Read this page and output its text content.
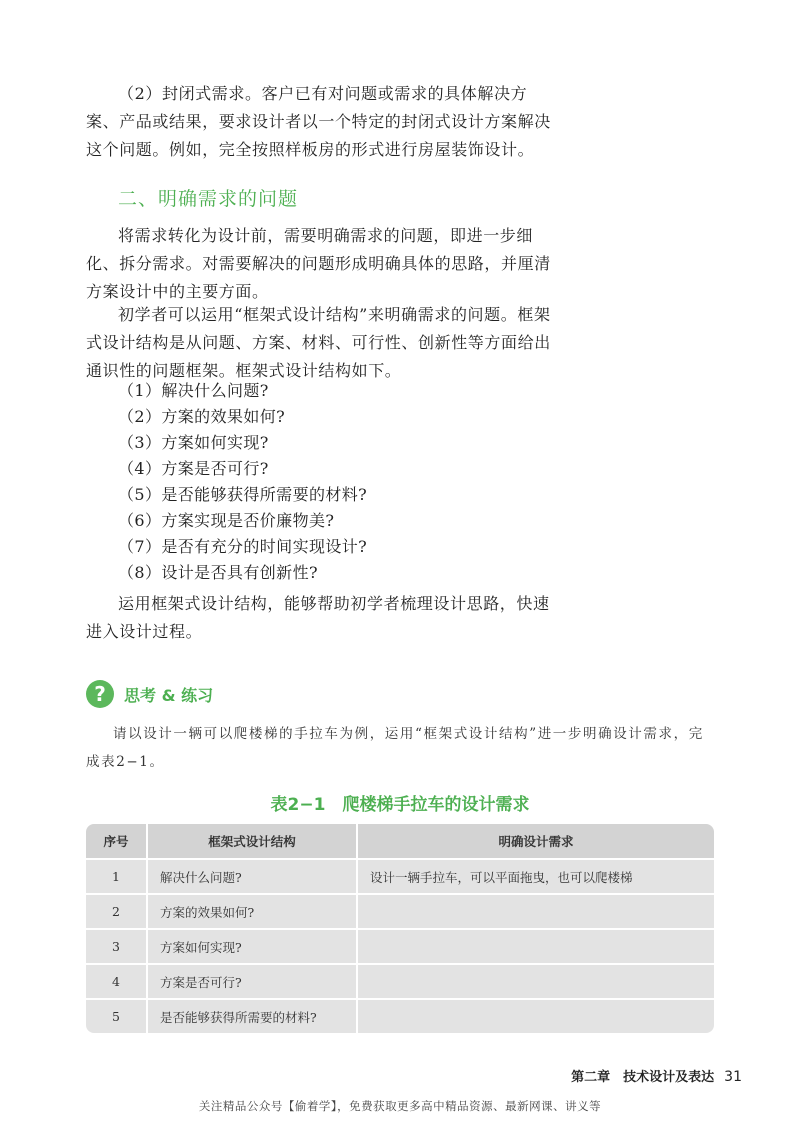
（2）封闭式需求。客户已有对问题或需求的具体解决方案、产品或结果，要求设计者以一个特定的封闭式设计方案解决这个问题。例如，完全按照样板房的形式进行房屋装饰设计。

二、明确需求的问题

将需求转化为设计前，需要明确需求的问题，即进一步细化、拆分需求。对需要解决的问题形成明确具体的思路，并厘清方案设计中的主要方面。

初学者可以运用“框架式设计结构”来明确需求的问题。框架式设计结构是从问题、方案、材料、可行性、创新性等方面给出通识性的问题框架。框架式设计结构如下。

（1）解决什么问题?

（2）方案的效果如何?

（3）方案如何实现?

（4）方案是否可行?

（5）是否能够获得所需要的材料?

（6）方案实现是否价廉物美?

（7）是否有充分的时间实现设计?

（8）设计是否具有创新性?

运用框架式设计结构，能够帮助初学者梳理设计思路，快速进入设计过程。

?	思考 & 练习

请以设计一辆可以爬楼梯的手拉车为例，运用“框架式设计结构”进一步明确设计需求，完成表2−1。

表2−1　爬楼梯手拉车的设计需求
序号	框架式设计结构	明确设计需求
1	解决什么问题?	设计一辆手拉车，可以平面拖曳，也可以爬楼梯
2	方案的效果如何?
3	方案如何实现?
4	方案是否可行?
5	是否能够获得所需要的材料?
第二章　技术设计及表达 31
关注精品公众号【偷着学】，免费获取更多高中精品资源、最新网课、讲义等
